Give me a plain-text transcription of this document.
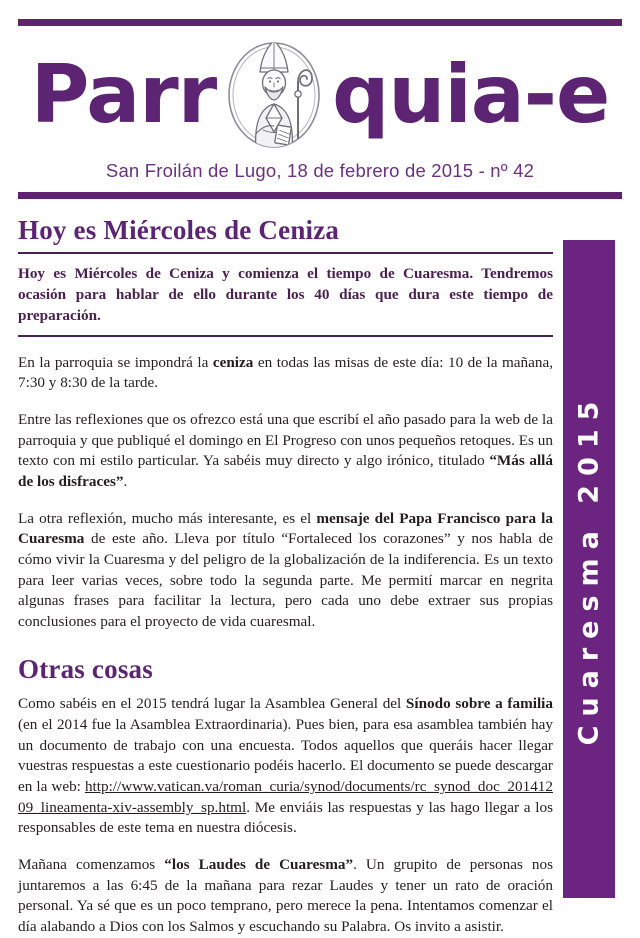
Parr quia-e
San Froilán de Lugo, 18 de febrero de 2015 - nº 42
Cuaresma 2015
Hoy es Miércoles de Ceniza

Hoy es Miércoles de Ceniza y comienza el tiempo de Cuaresma. Tendremos ocasión para hablar de ello durante los 40 días que dura este tiempo de preparación.

En la parroquia se impondrá la ceniza en todas las misas de este día: 10 de la mañana, 7:30 y 8:30 de la tarde.

Entre las reflexiones que os ofrezco está una que escribí el año pasado para la web de la parroquia y que publiqué el domingo en El Progreso con unos pequeños retoques. Es un texto con mi estilo particular. Ya sabéis muy directo y algo irónico, titulado “Más allá de los disfraces”.

La otra reflexión, mucho más interesante, es el mensaje del Papa Francisco para la Cuaresma de este año. Lleva por título “Fortaleced los corazones” y nos habla de cómo vivir la Cuaresma y del peligro de la globalización de la indiferencia. Es un texto para leer varias veces, sobre todo la segunda parte. Me permití marcar en negrita algunas frases para facilitar la lectura, pero cada uno debe extraer sus propias conclusiones para el proyecto de vida cuaresmal.

Otras cosas

Como sabéis en el 2015 tendrá lugar la Asamblea General del Sínodo sobre a familia (en el 2014 fue la Asamblea Extraordinaria). Pues bien, para esa asamblea también hay un documento de trabajo con una encuesta. Todos aquellos que queráis hacer llegar vuestras respuestas a este cuestionario podéis hacerlo. El documento se puede descargar en la web: http://www.vatican.va/roman_curia/synod/documents/rc_synod_doc_20141209_lineamenta-xiv-assembly_sp.html. Me enviáis las respuestas y las hago llegar a los responsables de este tema en nuestra diócesis.

Mañana comenzamos “los Laudes de Cuaresma”. Un grupito de personas nos juntaremos a las 6:45 de la mañana para rezar Laudes y tener un rato de oración personal. Ya sé que es un poco temprano, pero merece la pena. Intentamos comenzar el día alabando a Dios con los Salmos y escuchando su Palabra. Os invito a asistir.
